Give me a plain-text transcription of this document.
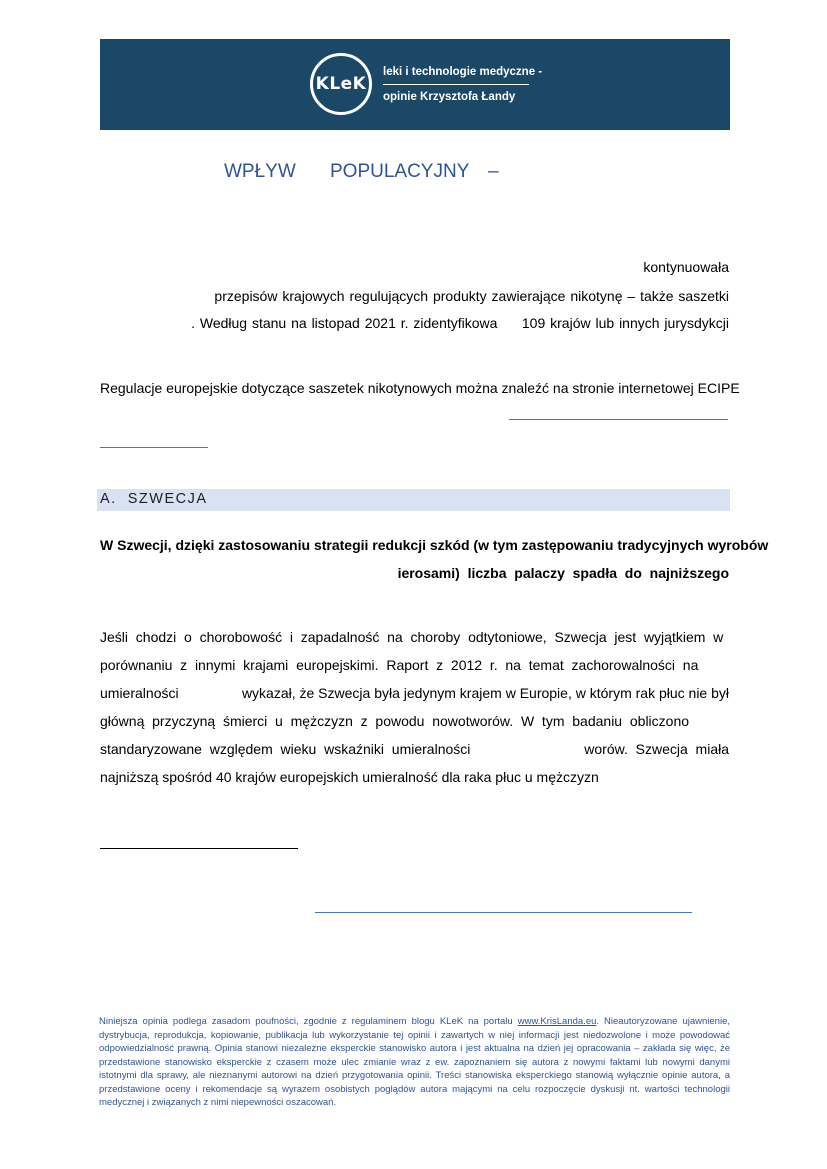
KLeK
leki i technologie medyczne -
opinie Krzysztofa Łandy
WPŁYW POPULACYJNY –
kontynuowała
przepisów krajowych regulujących produkty zawierające nikotynę – także saszetki
. Według stanu na listopad 2021 r. zidentyfikowa     109 krajów lub innych jurysdykcji
Regulacje europejskie dotyczące saszetek nikotynowych można znaleźć na stronie internetowej ECIPE
A.  SZWECJA
W Szwecji, dzięki zastosowaniu strategii redukcji szkód (w tym zastępowaniu tradycyjnych wyrobów
ierosami)  liczba  palaczy  spadła  do  najniższego
Jeśli  chodzi  o  chorobowość  i  zapadalność  na  choroby  odtytoniowe,  Szwecja  jest  wyjątkiem  w
porównaniu  z  innymi  krajami  europejskimi.  Raport  z  2012  r.  na  temat  zachorowalności  na
umieralności	wykazał, że Szwecja była jedynym krajem w Europie, w którym rak płuc nie był
główną  przyczyną  śmierci  u  mężczyzn  z  powodu  nowotworów.  W  tym  badaniu  obliczono
standaryzowane  względem  wieku  wskaźniki  umieralności	worów.  Szwecja  miała
najniższą spośród 40 krajów europejskich umieralność dla raka płuc u mężczyzn
Niniejsza opinia podlega zasadom poufności, zgodnie z regulaminem blogu KLeK na portalu www.KrisLanda.eu. Nieautoryzowane ujawnienie, dystrybucja, reprodukcja, kopiowanie, publikacja lub wykorzystanie tej opinii i zawartych w niej informacji jest niedozwolone i może powodować odpowiedzialność prawną. Opinia stanowi niezależne eksperckie stanowisko autora i jest aktualna na dzień jej opracowania – zakłada się więc, że przedstawione stanowisko eksperckie z czasem może ulec zmianie wraz z ew. zapoznaniem się autora z nowymi faktami lub nowymi danymi istotnymi dla sprawy, ale nieznanymi autorowi na dzień przygotowania opinii. Treści stanowiska eksperckiego stanowią wyłącznie opinie autora, a przedstawione oceny i rekomendacje są wyrazem osobistych poglądów autora mającymi na celu rozpoczęcie dyskusji nt. wartości technologii medycznej i związanych z nimi niepewności oszacowań.
